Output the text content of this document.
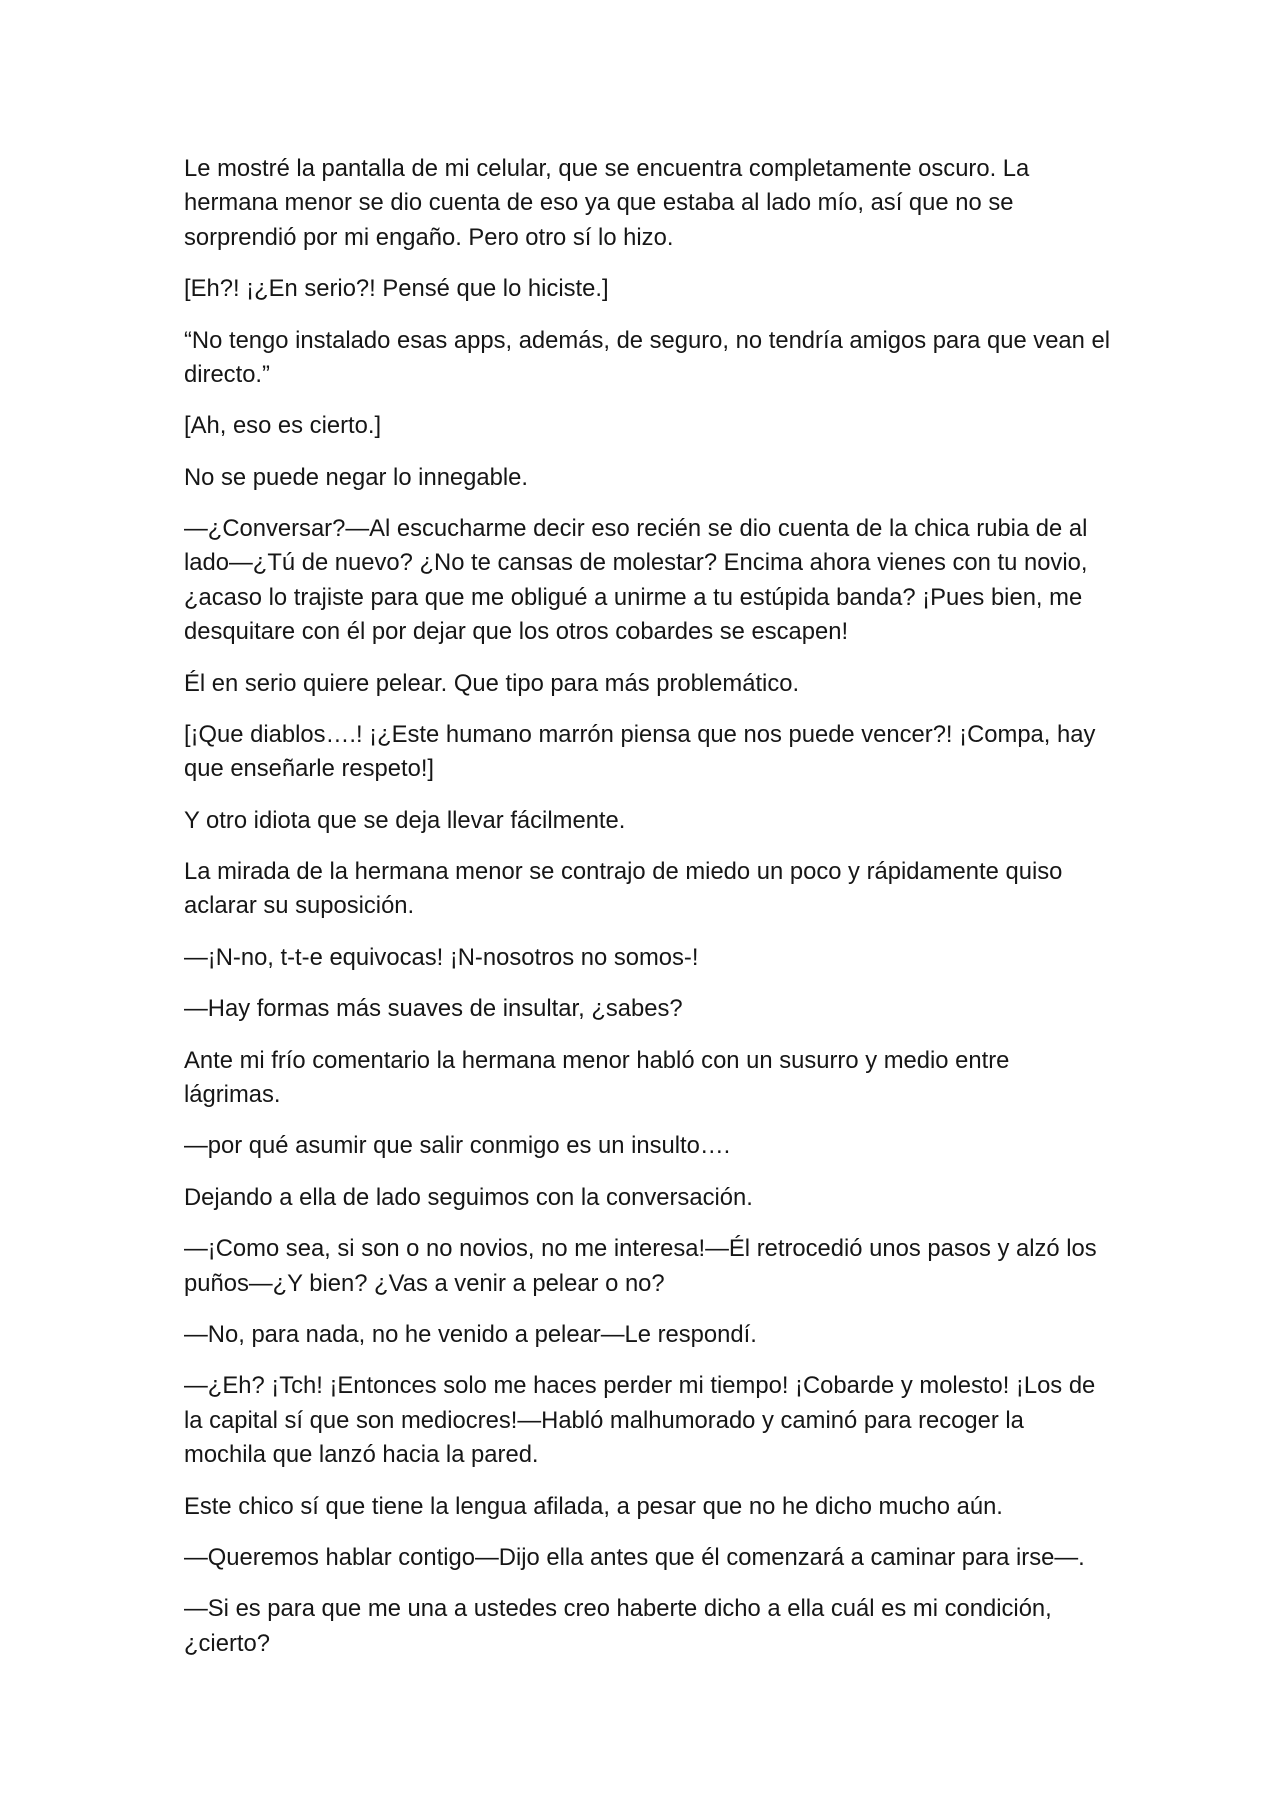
Le mostré la pantalla de mi celular, que se encuentra completamente oscuro. La
hermana menor se dio cuenta de eso ya que estaba al lado mío, así que no se
sorprendió por mi engaño. Pero otro sí lo hizo.
[Eh?! ¡¿En serio?! Pensé que lo hiciste.]
“No tengo instalado esas apps, además, de seguro, no tendría amigos para que vean el
directo.”
[Ah, eso es cierto.]
No se puede negar lo innegable.
—¿Conversar?—Al escucharme decir eso recién se dio cuenta de la chica rubia de al
lado—¿Tú de nuevo? ¿No te cansas de molestar? Encima ahora vienes con tu novio,
¿acaso lo trajiste para que me obligué a unirme a tu estúpida banda? ¡Pues bien, me
desquitare con él por dejar que los otros cobardes se escapen!
Él en serio quiere pelear. Que tipo para más problemático.
[¡Que diablos….! ¡¿Este humano marrón piensa que nos puede vencer?! ¡Compa, hay
que enseñarle respeto!]
Y otro idiota que se deja llevar fácilmente.
La mirada de la hermana menor se contrajo de miedo un poco y rápidamente quiso
aclarar su suposición.
—¡N-no, t-t-e equivocas! ¡N-nosotros no somos-!
—Hay formas más suaves de insultar, ¿sabes?
Ante mi frío comentario la hermana menor habló con un susurro y medio entre
lágrimas.
—por qué asumir que salir conmigo es un insulto….
Dejando a ella de lado seguimos con la conversación.
—¡Como sea, si son o no novios, no me interesa!—Él retrocedió unos pasos y alzó los
puños—¿Y bien? ¿Vas a venir a pelear o no?
—No, para nada, no he venido a pelear—Le respondí.
—¿Eh? ¡Tch! ¡Entonces solo me haces perder mi tiempo! ¡Cobarde y molesto! ¡Los de
la capital sí que son mediocres!—Habló malhumorado y caminó para recoger la
mochila que lanzó hacia la pared.
Este chico sí que tiene la lengua afilada, a pesar que no he dicho mucho aún.
—Queremos hablar contigo—Dijo ella antes que él comenzará a caminar para irse—.
—Si es para que me una a ustedes creo haberte dicho a ella cuál es mi condición,
¿cierto?
